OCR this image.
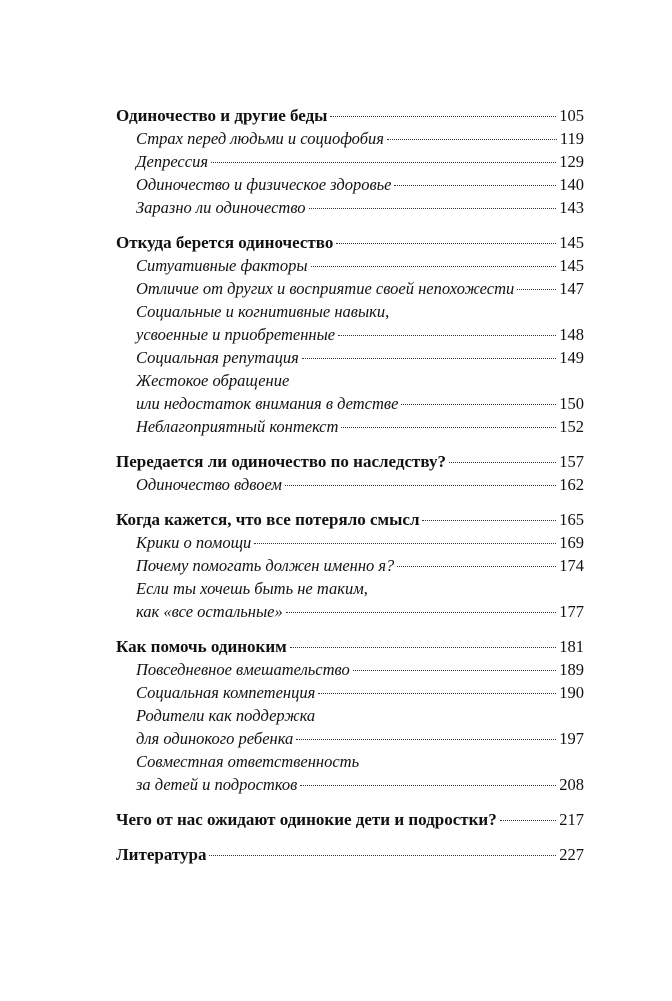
Одиночество и другие беды	105
Страх перед людьми и социофобия	119
Депрессия	129
Одиночество и физическое здоровье	140
Заразно ли одиночество	143
Откуда берется одиночество	145
Ситуативные факторы	145
Отличие от других и восприятие своей непохожести	147
Социальные и когнитивные навыки,
усвоенные и приобретенные	148
Социальная репутация	149
Жестокое обращение
или недостаток внимания в детстве	150
Неблагоприятный контекст	152
Передается ли одиночество по наследству?	157
Одиночество вдвоем	162
Когда кажется, что все потеряло смысл	165
Крики о помощи	169
Почему помогать должен именно я?	174
Если ты хочешь быть не таким,
как «все остальные»	177
Как помочь одиноким	181
Повседневное вмешательство	189
Социальная компетенция	190
Родители как поддержка
для одинокого ребенка	197
Совместная ответственность
за детей и подростков	208
Чего от нас ожидают одинокие дети и подростки?	217
Литература	227
